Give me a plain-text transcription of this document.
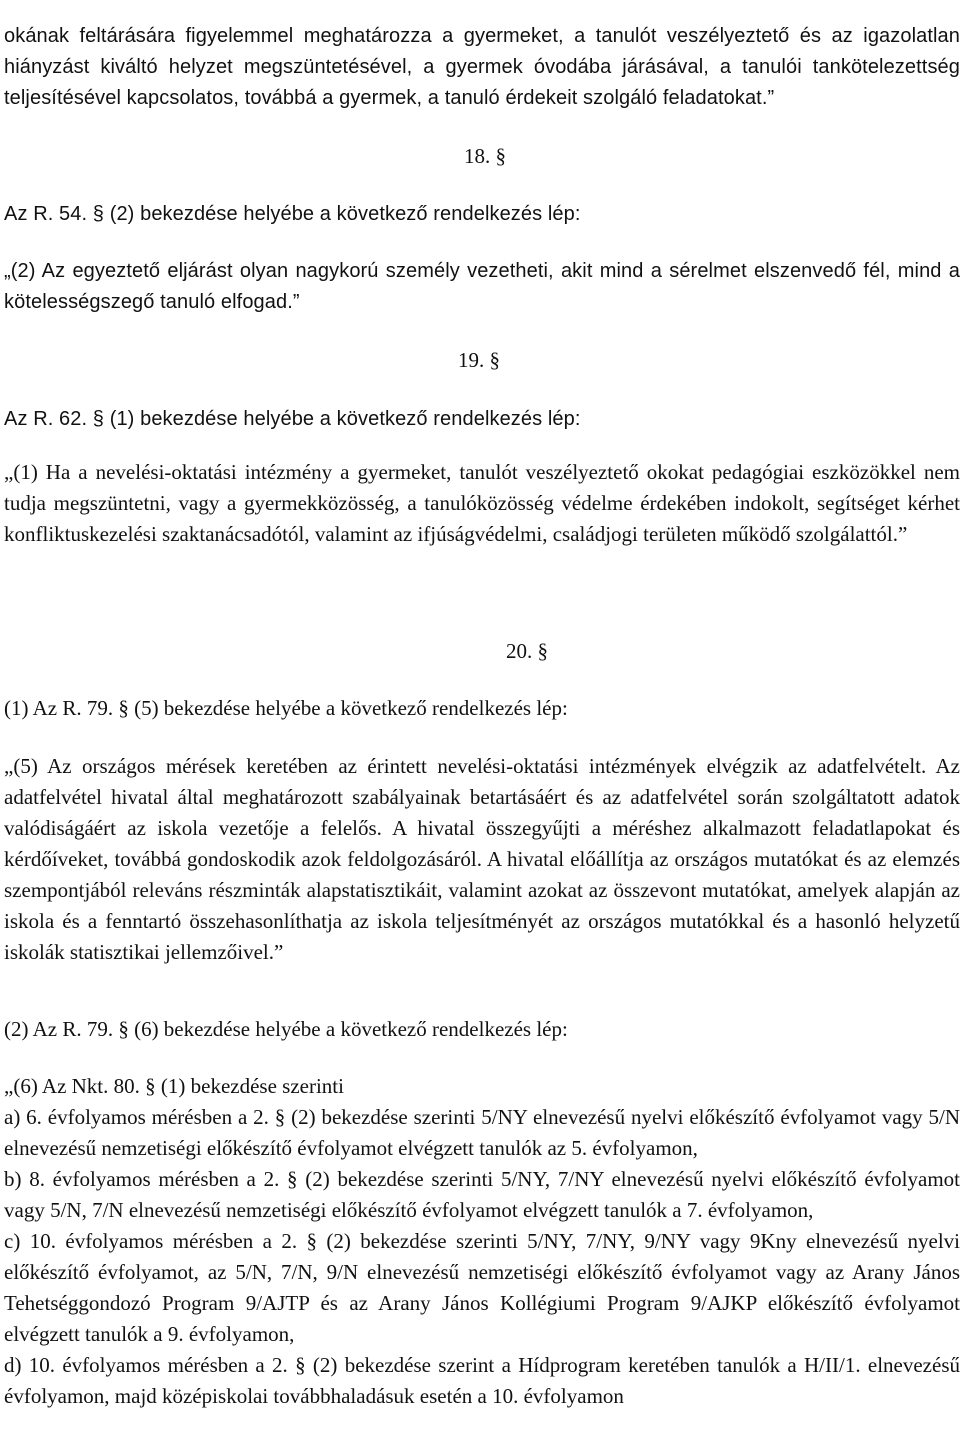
okának feltárására figyelemmel meghatározza a gyermeket, a tanulót veszélyeztető és az igazolatlan hiányzást kiváltó helyzet megszüntetésével, a gyermek óvodába járásával, a tanulói tankötelezettség teljesítésével kapcsolatos, továbbá a gyermek, a tanuló érdekeit szolgáló feladatokat.”

18. §

Az R. 54. § (2) bekezdése helyébe a következő rendelkezés lép:

„(2) Az egyeztető eljárást olyan nagykorú személy vezetheti, akit mind a sérelmet elszenvedő fél, mind a kötelességszegő tanuló elfogad.”

19. §

Az R. 62. § (1) bekezdése helyébe a következő rendelkezés lép:

„(1) Ha a nevelési-oktatási intézmény a gyermeket, tanulót veszélyeztető okokat pedagógiai eszközökkel nem tudja megszüntetni, vagy a gyermekközösség, a tanulóközösség védelme érdekében indokolt, segítséget kérhet konfliktuskezelési szaktanácsadótól, valamint az ifjúságvédelmi, családjogi területen működő szolgálattól.”

20. §

(1) Az R. 79. § (5) bekezdése helyébe a következő rendelkezés lép:

„(5) Az országos mérések keretében az érintett nevelési-oktatási intézmények elvégzik az adatfelvételt. Az adatfelvétel hivatal által meghatározott szabályainak betartásáért és az adatfelvétel során szolgáltatott adatok valódiságáért az iskola vezetője a felelős. A hivatal összegyűjti a méréshez alkalmazott feladatlapokat és kérdőíveket, továbbá gondoskodik azok feldolgozásáról. A hivatal előállítja az országos mutatókat és az elemzés szempontjából releváns részminták alapstatisztikáit, valamint azokat az összevont mutatókat, amelyek alapján az iskola és a fenntartó összehasonlíthatja az iskola teljesítményét az országos mutatókkal és a hasonló helyzetű iskolák statisztikai jellemzőivel.”

(2) Az R. 79. § (6) bekezdése helyébe a következő rendelkezés lép:

„(6) Az Nkt. 80. § (1) bekezdése szerinti
a) 6. évfolyamos mérésben a 2. § (2) bekezdése szerinti 5/NY elnevezésű nyelvi előkészítő évfolyamot vagy 5/N elnevezésű nemzetiségi előkészítő évfolyamot elvégzett tanulók az 5. évfolyamon,
b) 8. évfolyamos mérésben a 2. § (2) bekezdése szerinti 5/NY, 7/NY elnevezésű nyelvi előkészítő évfolyamot vagy 5/N, 7/N elnevezésű nemzetiségi előkészítő évfolyamot elvégzett tanulók a 7. évfolyamon,
c) 10. évfolyamos mérésben a 2. § (2) bekezdése szerinti 5/NY, 7/NY, 9/NY vagy 9Kny elnevezésű nyelvi előkészítő évfolyamot, az 5/N, 7/N, 9/N elnevezésű nemzetiségi előkészítő évfolyamot vagy az Arany János Tehetséggondozó Program 9/AJTP és az Arany János Kollégiumi Program 9/AJKP előkészítő évfolyamot elvégzett tanulók a 9. évfolyamon,
d) 10. évfolyamos mérésben a 2. § (2) bekezdése szerint a Hídprogram keretében tanulók a H/II/1. elnevezésű évfolyamon, majd középiskolai továbbhaladásuk esetén a 10. évfolyamon
